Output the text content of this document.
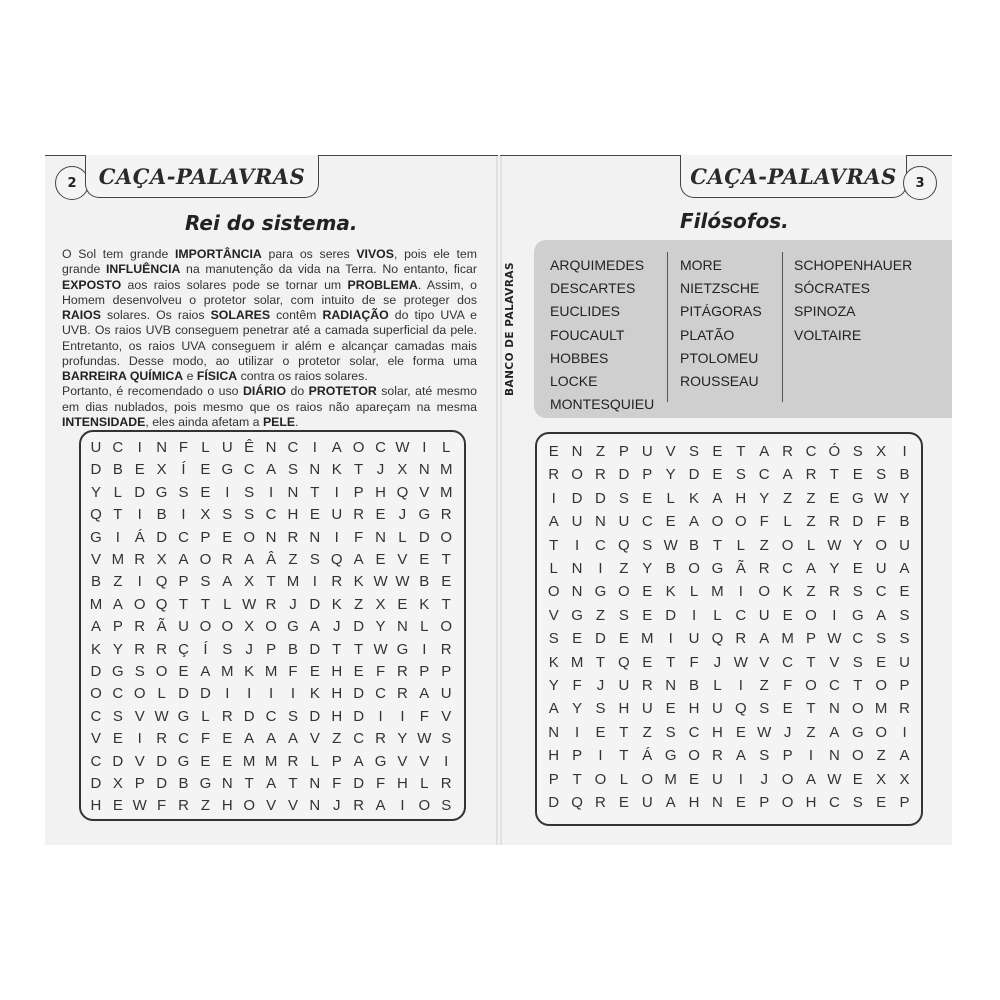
2	CAÇA-PALAVRAS
Rei do sistema.

O Sol tem grande IMPORTÂNCIA para os seres VIVOS, pois ele tem grande INFLUÊNCIA na manutenção da vida na Terra. No entanto, ficar EXPOSTO aos raios solares pode se tornar um PROBLEMA. Assim, o Homem desenvolveu o protetor solar, com intuito de se proteger dos RAIOS solares. Os raios SOLARES contêm RADIAÇÃO do tipo UVA e UVB. Os raios UVB conseguem penetrar até a camada superficial da pele. Entretanto, os raios UVA conseguem ir além e alcançar camadas mais profundas. Desse modo, ao utilizar o protetor solar, ele forma uma BARREIRA QUÍMICA e FÍSICA contra os raios solares.

Portanto, é recomendado o uso DIÁRIO do PROTETOR solar, até mesmo em dias nublados, pois mesmo que os raios não apareçam na mesma INTENSIDADE, eles ainda afetam a PELE.

U C I N F L U Ê N C I A O C W I	L
D B E X Í E G C A S N K T J X N M
Y L D G S E I S I N T	I P H Q V M
Q T	I B I X S S C H E U R E J G R
G I Á D C P E O N R N I	F N L D O
V M R X A O R A Â Z S Q A E V E T
B Z	I Q P S A X T M I R K W W B E
M A O Q T T L W R J D K Z X E K T
A P R Ã U O O X O G A J D Y N L O
K Y R R Ç Í S J P B D T T W G I R
D G S O E A M K M F E H E F R P P
O C O L D D I	I	I	I K H D C R A U
C S V W G L R D C S D H D I	I	F V
V E I R C F E A A A V Z C R Y W S
C D V D G E E M M R L P A G V V I
D X P D B G N T A T N F D F H L R
H E W F R Z H O V V N J R A I O S
CAÇA-PALAVRAS	3
Filósofos.
BANCO DE PALAVRAS ARQUIMEDES
DESCARTES
EUCLIDES
FOUCAULT
HOBBES
LOCKE
MONTESQUIEU
MORE
NIETZSCHE
PITÁGORAS
PLATÃO
PTOLOMEU
ROUSSEAU
SCHOPENHAUER
SÓCRATES
SPINOZA
VOLTAIRE
E N Z P U V S E T A R C Ó S X	I
R O R D P Y D E S C A R T E S B
I	D D S E L K A H Y Z Z E G W Y
A U N U C E A O O F L Z R D F B
T	I	C Q S W B T L Z O L W Y O U
L N	I	Z Y B O G Ã R C A Y E U A
O N G O E K L M	I	O K Z R S C E
V G Z S E D	I	L C U E O	I	G A S
S E D E M	I	U Q R A M P W C S S
K M T Q E T F	J W V C T V S E U
Y F	J U R N B L	I	Z F O C T O P
A Y S H U E H U Q S E T N O M R
N	I	E T Z S C H E W J	Z A G O	I
H P	I	T Á G O R A S P	I	N O Z A
P T O L O M E U	I	J O A W E X X
D Q R E U A H N E P O H C S E P
